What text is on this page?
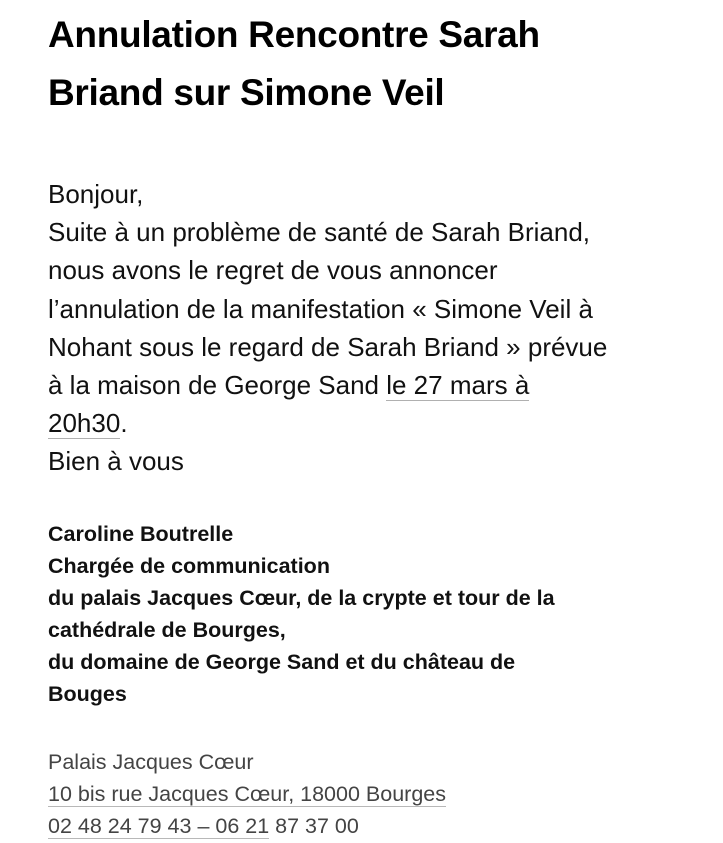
Annulation Rencontre Sarah
Briand sur Simone Veil
Bonjour,
Suite à un problème de santé de Sarah Briand,
nous avons le regret de vous annoncer
l’annulation de la manifestation « Simone Veil à
Nohant sous le regard de Sarah Briand » prévue
à la maison de George Sand le 27 mars à
20h30.
Bien à vous
Caroline Boutrelle
Chargée de communication
du palais Jacques Cœur, de la crypte et tour de la
cathédrale de Bourges,
du domaine de George Sand et du château de
Bouges
Palais Jacques Cœur
10 bis rue Jacques Cœur, 18000 Bourges
02 48 24 79 43 – 06 21 87 37 00
